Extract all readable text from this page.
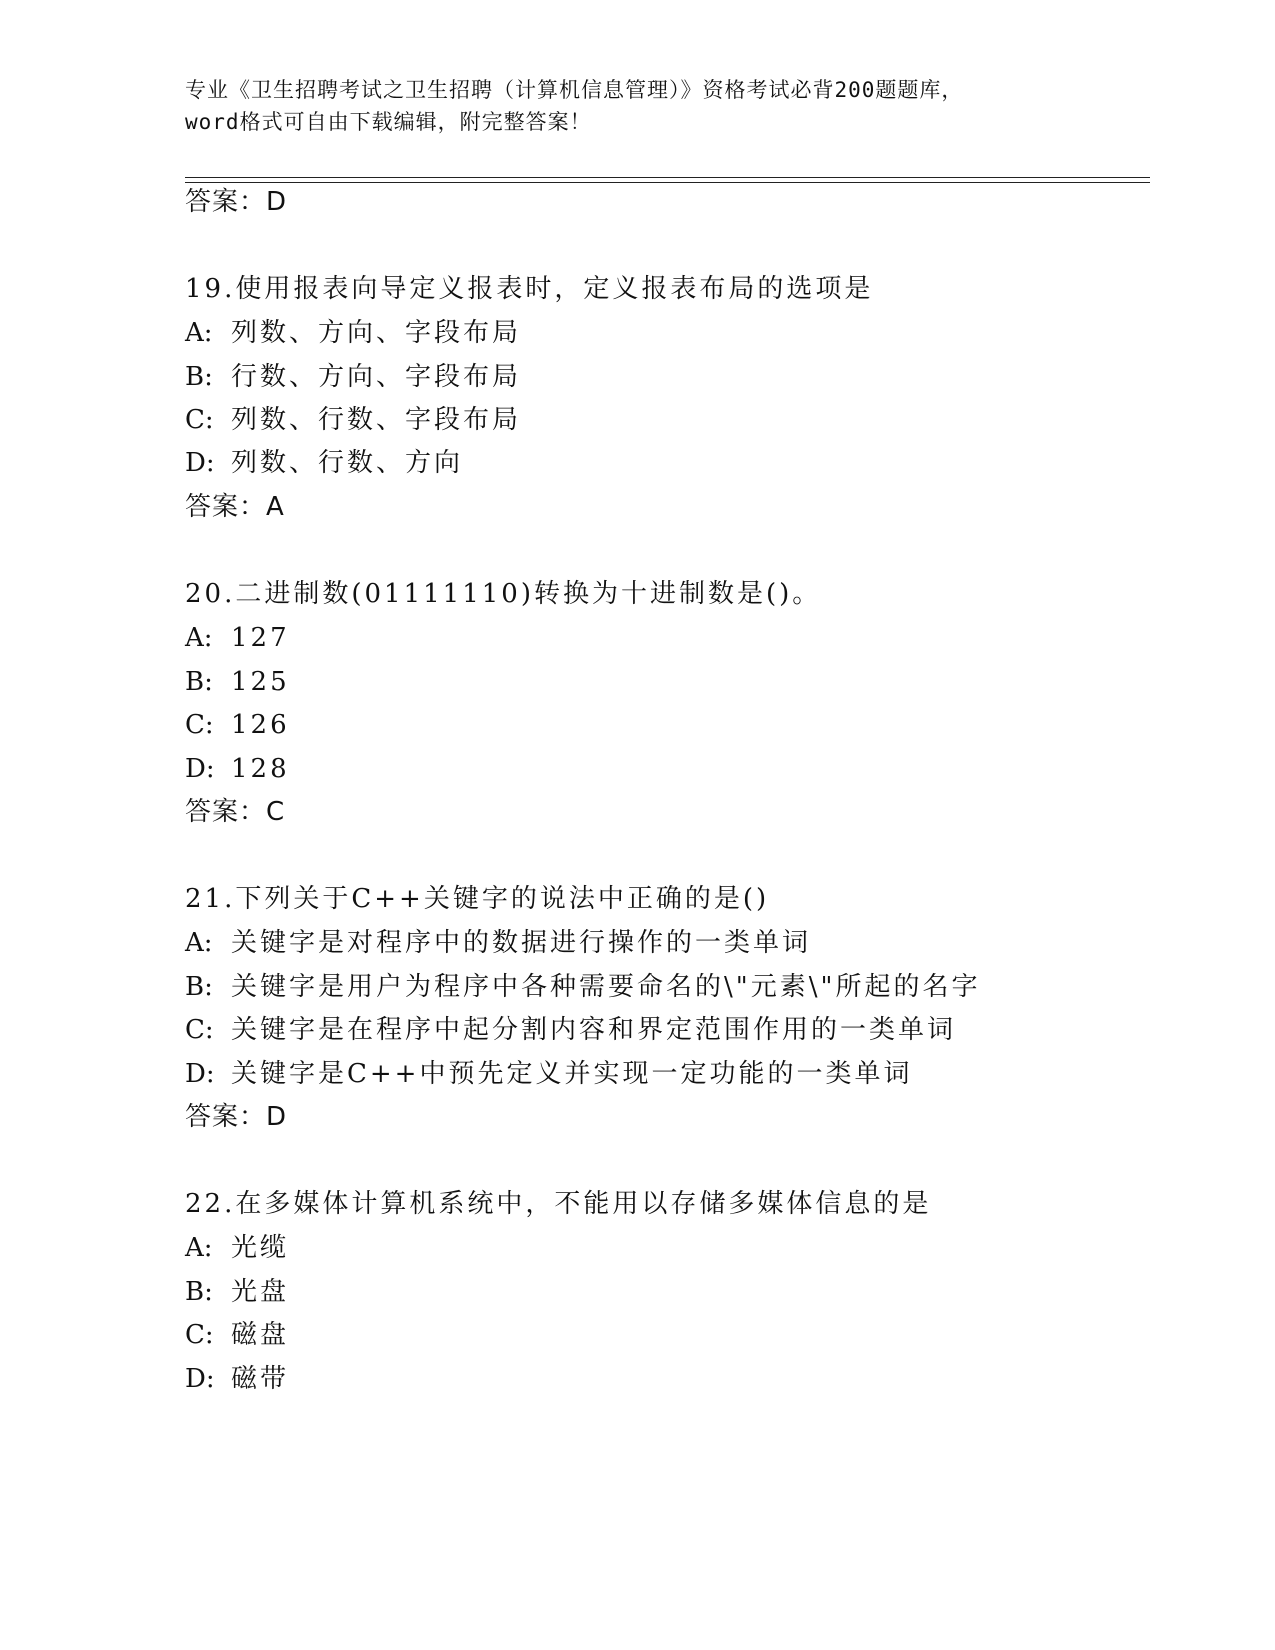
专业《卫生招聘考试之卫生招聘（计算机信息管理）》资格考试必背200题题库，
word格式可自由下载编辑，附完整答案！
答案：D
19.使用报表向导定义报表时，定义报表布局的选项是
A: 列数、方向、字段布局
B: 行数、方向、字段布局
C: 列数、行数、字段布局
D: 列数、行数、方向
答案：A
20.二进制数(01111110)转换为十进制数是()。
A: 127
B: 125
C: 126
D: 128
答案：C
21.下列关于C++关键字的说法中正确的是()
A: 关键字是对程序中的数据进行操作的一类单词
B: 关键字是用户为程序中各种需要命名的\"元素\"所起的名字
C: 关键字是在程序中起分割内容和界定范围作用的一类单词
D: 关键字是C++中预先定义并实现一定功能的一类单词
答案：D
22.在多媒体计算机系统中，不能用以存储多媒体信息的是
A: 光缆
B: 光盘
C: 磁盘
D: 磁带
